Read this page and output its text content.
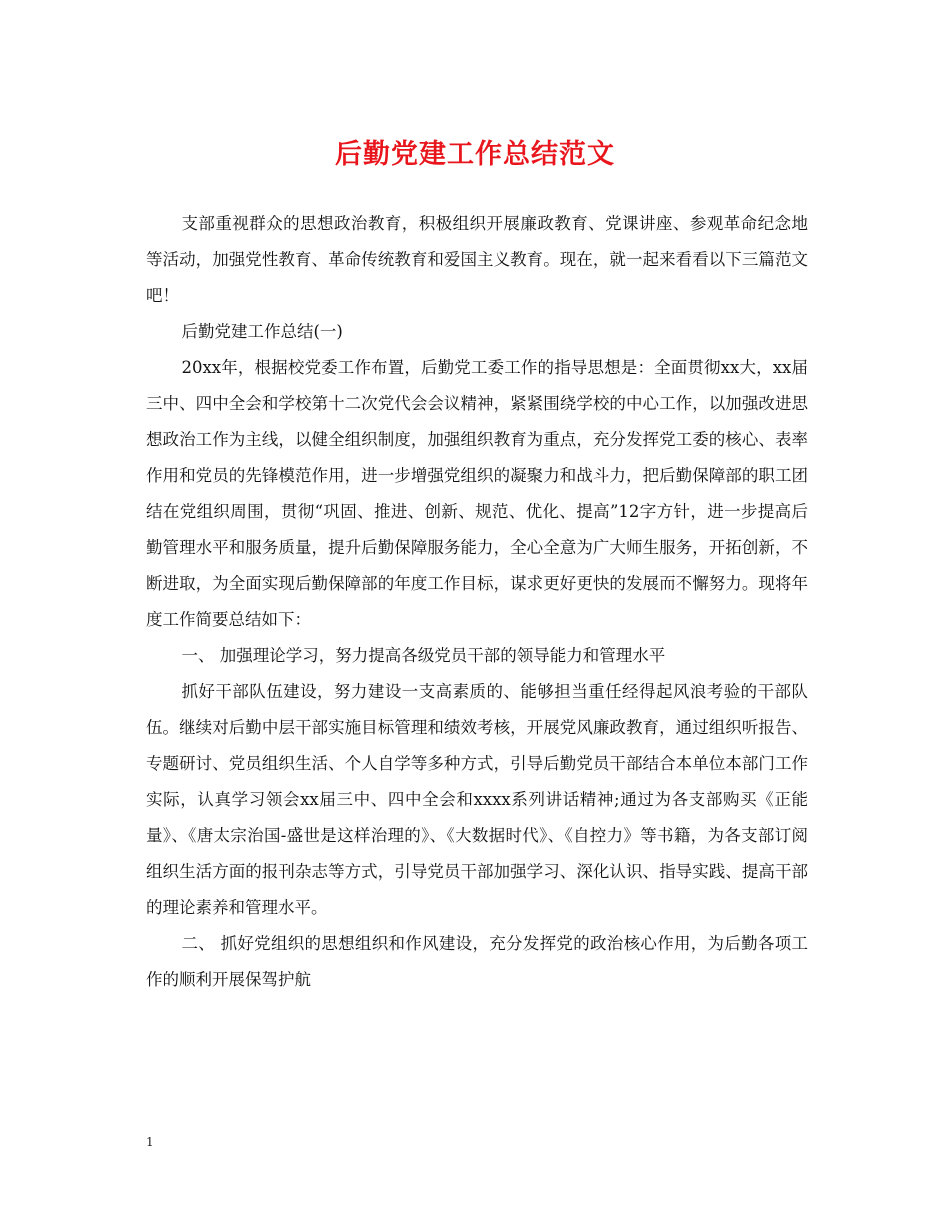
后勤党建工作总结范文

支部重视群众的思想政治教育，积极组织开展廉政教育、党课讲座、参观革命纪念地等活动，加强党性教育、革命传统教育和爱国主义教育。现在，就一起来看看以下三篇范文吧！

后勤党建工作总结(一)

20xx年，根据校党委工作布置，后勤党工委工作的指导思想是：全面贯彻xx大，xx届三中、四中全会和学校第十二次党代会会议精神，紧紧围绕学校的中心工作，以加强改进思想政治工作为主线，以健全组织制度，加强组织教育为重点，充分发挥党工委的核心、表率作用和党员的先锋模范作用，进一步增强党组织的凝聚力和战斗力，把后勤保障部的职工团结在党组织周围，贯彻“巩固、推进、创新、规范、优化、提高”12字方针，进一步提高后勤管理水平和服务质量，提升后勤保障服务能力，全心全意为广大师生服务，开拓创新，不断进取，为全面实现后勤保障部的年度工作目标，谋求更好更快的发展而不懈努力。现将年度工作简要总结如下：

一、 加强理论学习，努力提高各级党员干部的领导能力和管理水平

抓好干部队伍建设，努力建设一支高素质的、能够担当重任经得起风浪考验的干部队伍。继续对后勤中层干部实施目标管理和绩效考核，开展党风廉政教育，通过组织听报告、专题研讨、党员组织生活、个人自学等多种方式，引导后勤党员干部结合本单位本部门工作实际，认真学习领会xx届三中、四中全会和xxxx系列讲话精神;通过为各支部购买《正能量》、《唐太宗治国-盛世是这样治理的》、《大数据时代》、《自控力》等书籍，为各支部订阅组织生活方面的报刊杂志等方式，引导党员干部加强学习、深化认识、指导实践、提高干部的理论素养和管理水平。

二、 抓好党组织的思想组织和作风建设，充分发挥党的政治核心作用，为后勤各项工作的顺利开展保驾护航

1
